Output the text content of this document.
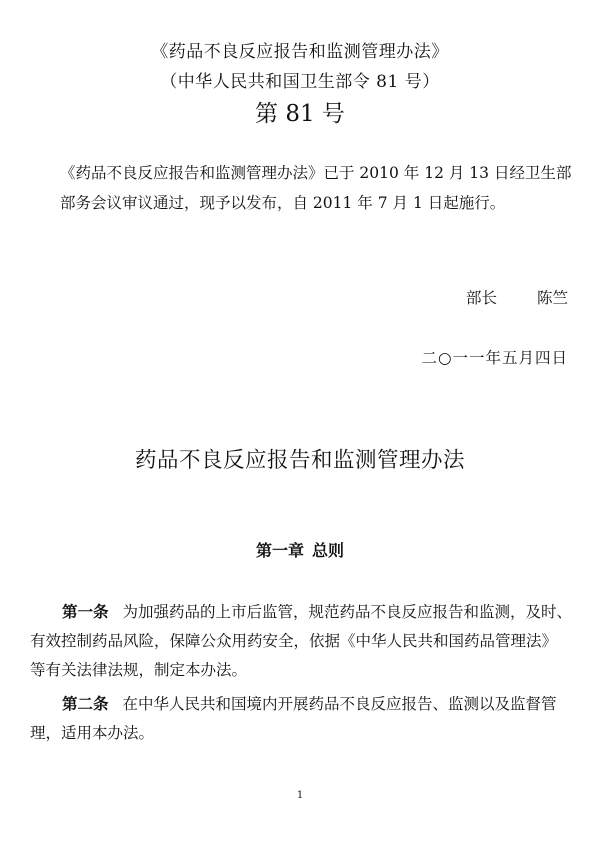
《药品不良反应报告和监测管理办法》
（中华人民共和国卫生部令 81 号）
第 81 号
《药品不良反应报告和监测管理办法》已于 2010 年 12 月 13 日经卫生部
部务会议审议通过，现予以发布，自 2011 年 7 月 1 日起施行。
部长	陈竺
二○一一年五月四日
药品不良反应报告和监测管理办法
第一章 总则
第一条 为加强药品的上市后监管，规范药品不良反应报告和监测，及时、
有效控制药品风险，保障公众用药安全，依据《中华人民共和国药品管理法》
等有关法律法规，制定本办法。
第二条 在中华人民共和国境内开展药品不良反应报告、监测以及监督管
理，适用本办法。
1
